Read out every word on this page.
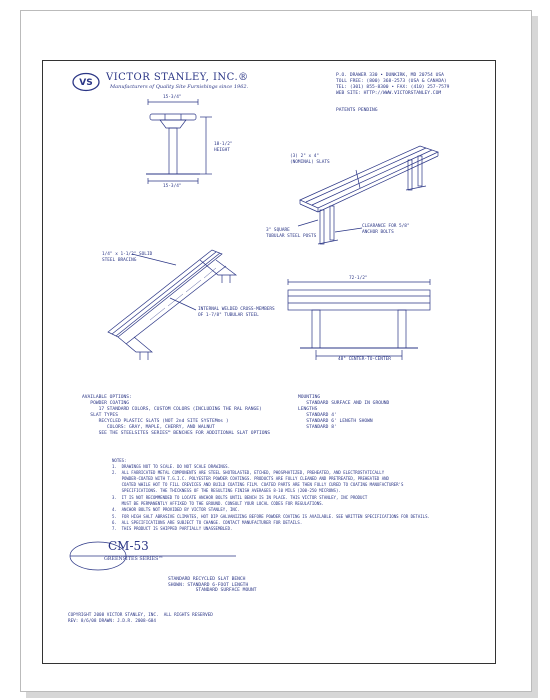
VS VICTOR STANLEY, INC.®
Manufacturers of Quality Site Furnishings since 1962.
P.O. DRAWER 330 • DUNKIRK, MD 20754 USA
TOLL FREE: (800) 368-2573 (USA & CANADA)
TEL: (301) 855-8300 • FAX: (410) 257-7579
WEB SITE: HTTP://WWW.VICTORSTANLEY.COM
PATENTS PENDING
15-3/4"
15-3/4"
18-1/2"
HEIGHT
(3) 2" x 4"
(NOMINAL) SLATS
CLEARANCE FOR 5/8"
ANCHOR BOLTS
3" SQUARE
TUBULAR STEEL POSTS
1/4" x 1-1/2" SOLID
STEEL BRACING
INTERNAL WELDED CROSS-MEMBERS
OF 1-7/8" TUBULAR STEEL
72-1/2"
48" CENTER-TO-CENTER
AVAILABLE OPTIONS:
POWDER COATING
17 STANDARD COLORS, CUSTOM COLORS (INCLUDING THE RAL RANGE)
SLAT TYPES
RECYCLED PLASTIC SLATS (NOT 2nd SITE SYSTEM®s )
COLORS: GRAY, MAPLE, CHERRY, AND WALNUT
SEE THE STEELSITES SERIES™ BENCHES FOR ADDITIONAL SLAT OPTIONS
MOUNTING
STANDARD SURFACE AND IN GROUND
LENGTHS
STANDARD 4'
STANDARD 6' LENGTH SHOWN
STANDARD 8'
NOTES:
1.  DRAWINGS NOT TO SCALE. DO NOT SCALE DRAWINGS.
2.  ALL FABRICATED METAL COMPONENTS ARE STEEL SHOTBLASTED, ETCHED, PHOSPHATIZED, PREHEATED, AND ELECTROSTATICALLY
POWDER-COATED WITH T.G.I.C. POLYESTER POWDER COATINGS. PRODUCTS ARE FULLY CLEANED AND PRETREATED, PREHEATED AND
COATED WHILE HOT TO FILL CREVICES AND BUILD COATING FILM. COATED PARTS ARE THEN FULLY CURED TO COATING MANUFACTURER'S
SPECIFICATIONS. THE THICKNESS OF THE RESULTING FINISH AVERAGES 8-10 MILS (200-250 MICRONS).
3.  IT IS NOT RECOMMENDED TO LOCATE ANCHOR BOLTS UNTIL BENCH IS IN PLACE. THIS VICTOR STANLEY, INC PRODUCT
MUST BE PERMANENTLY AFFIXED TO THE GROUND. CONSULT YOUR LOCAL CODES FOR REGULATIONS.
4.  ANCHOR BOLTS NOT PROVIDED BY VICTOR STANLEY, INC.
5.  FOR HIGH SALT ABRASIVE CLIMATES, HOT DIP GALVANIZING BEFORE POWDER COATING IS AVAILABLE. SEE WRITTEN SPECIFICATIONS FOR DETAILS.
6.  ALL SPECIFICATIONS ARE SUBJECT TO CHANGE. CONTACT MANUFACTURER FOR DETAILS.
7.  THIS PRODUCT IS SHIPPED PARTIALLY UNASSEMBLED.
CM-53
GREENSITES SERIES™
STANDARD RECYCLED SLAT BENCH
SHOWN: STANDARD 6-FOOT LENGTH
STANDARD SURFACE MOUNT
COPYRIGHT 2008 VICTOR STANLEY, INC.  ALL RIGHTS RESERVED
REV: 8/6/08 DRAWN: J.D.R. 2008-684
